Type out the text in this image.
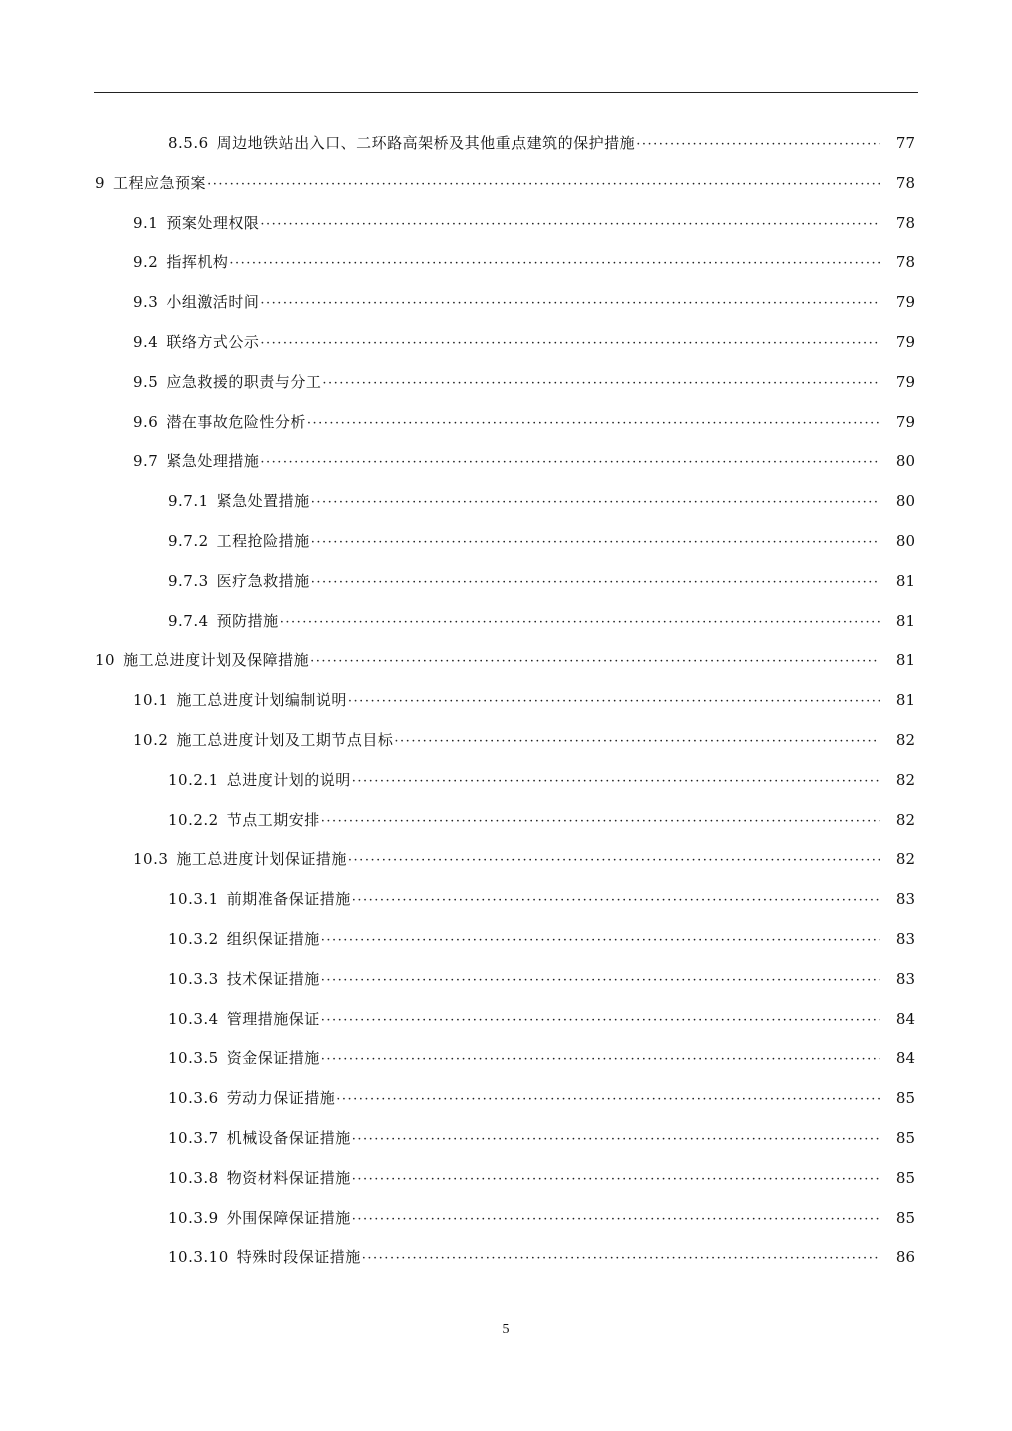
8.5.6 周边地铁站出入口、二环路高架桥及其他重点建筑的保护措施 ·····	77
9 工程应急预案 ·····	78
9.1 预案处理权限 ·····	78
9.2 指挥机构 ·····	78
9.3 小组激活时间 ·····	79
9.4 联络方式公示 ·····	79
9.5 应急救援的职责与分工 ·····	79
9.6 潜在事故危险性分析 ·····	79
9.7 紧急处理措施 ·····	80
9.7.1 紧急处置措施 ·····	80
9.7.2 工程抢险措施 ·····	80
9.7.3 医疗急救措施 ·····	81
9.7.4 预防措施 ·····	81
10 施工总进度计划及保障措施 ·····	81
10.1 施工总进度计划编制说明 ·····	81
10.2 施工总进度计划及工期节点目标 ·····	82
10.2.1 总进度计划的说明 ·····	82
10.2.2 节点工期安排 ·····	82
10.3 施工总进度计划保证措施 ·····	82
10.3.1 前期准备保证措施 ·····	83
10.3.2 组织保证措施 ·····	83
10.3.3 技术保证措施 ·····	83
10.3.4 管理措施保证 ·····	84
10.3.5 资金保证措施 ·····	84
10.3.6 劳动力保证措施 ·····	85
10.3.7 机械设备保证措施 ·····	85
10.3.8 物资材料保证措施 ·····	85
10.3.9 外围保障保证措施 ·····	85
10.3.10 特殊时段保证措施 ·····	86
5
